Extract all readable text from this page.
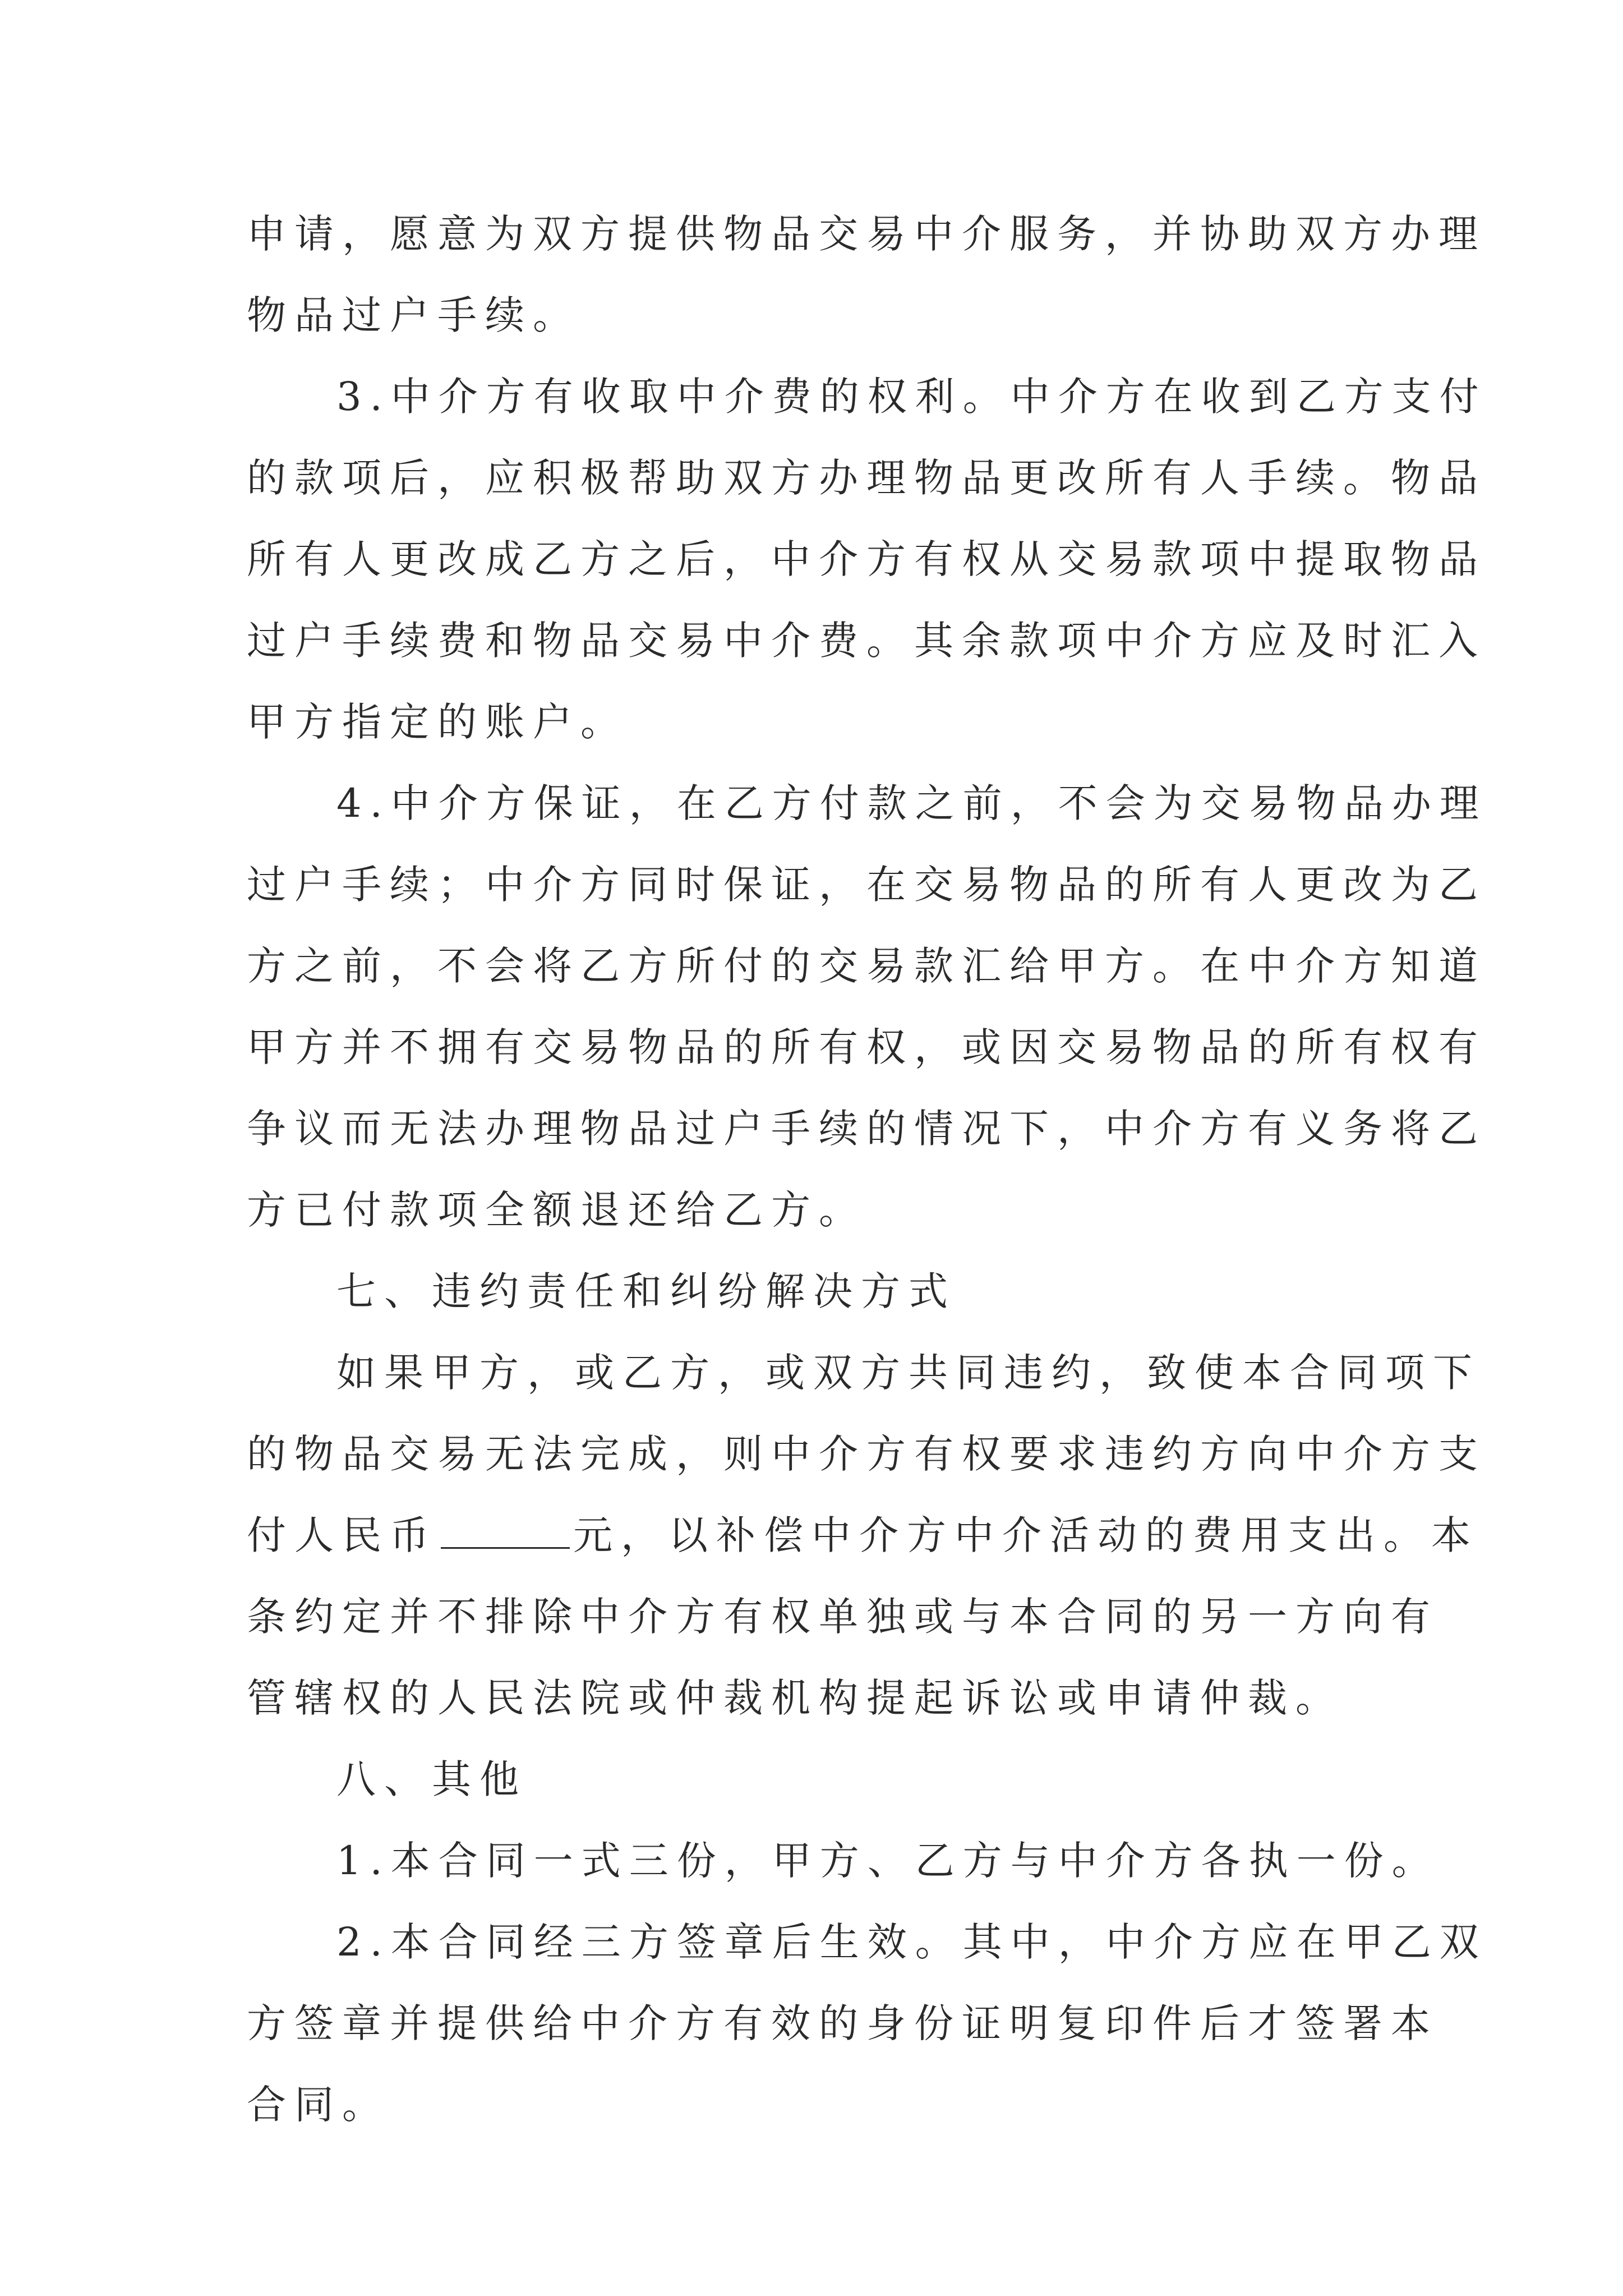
申请，愿意为双方提供物品交易中介服务，并协助双方办理
物品过户手续。
3.中介方有收取中介费的权利。中介方在收到乙方支付
的款项后，应积极帮助双方办理物品更改所有人手续。物品
所有人更改成乙方之后，中介方有权从交易款项中提取物品
过户手续费和物品交易中介费。其余款项中介方应及时汇入
甲方指定的账户。
4.中介方保证，在乙方付款之前，不会为交易物品办理
过户手续；中介方同时保证，在交易物品的所有人更改为乙
方之前，不会将乙方所付的交易款汇给甲方。在中介方知道
甲方并不拥有交易物品的所有权，或因交易物品的所有权有
争议而无法办理物品过户手续的情况下，中介方有义务将乙
方已付款项全额退还给乙方。
七、违约责任和纠纷解决方式
如果甲方，或乙方，或双方共同违约，致使本合同项下
的物品交易无法完成，则中介方有权要求违约方向中介方支
付人民币	元，以补偿中介方中介活动的费用支出。本
条约定并不排除中介方有权单独或与本合同的另一方向有
管辖权的人民法院或仲裁机构提起诉讼或申请仲裁。
八、其他
1.本合同一式三份，甲方、乙方与中介方各执一份。
2.本合同经三方签章后生效。其中，中介方应在甲乙双
方签章并提供给中介方有效的身份证明复印件后才签署本
合同。
